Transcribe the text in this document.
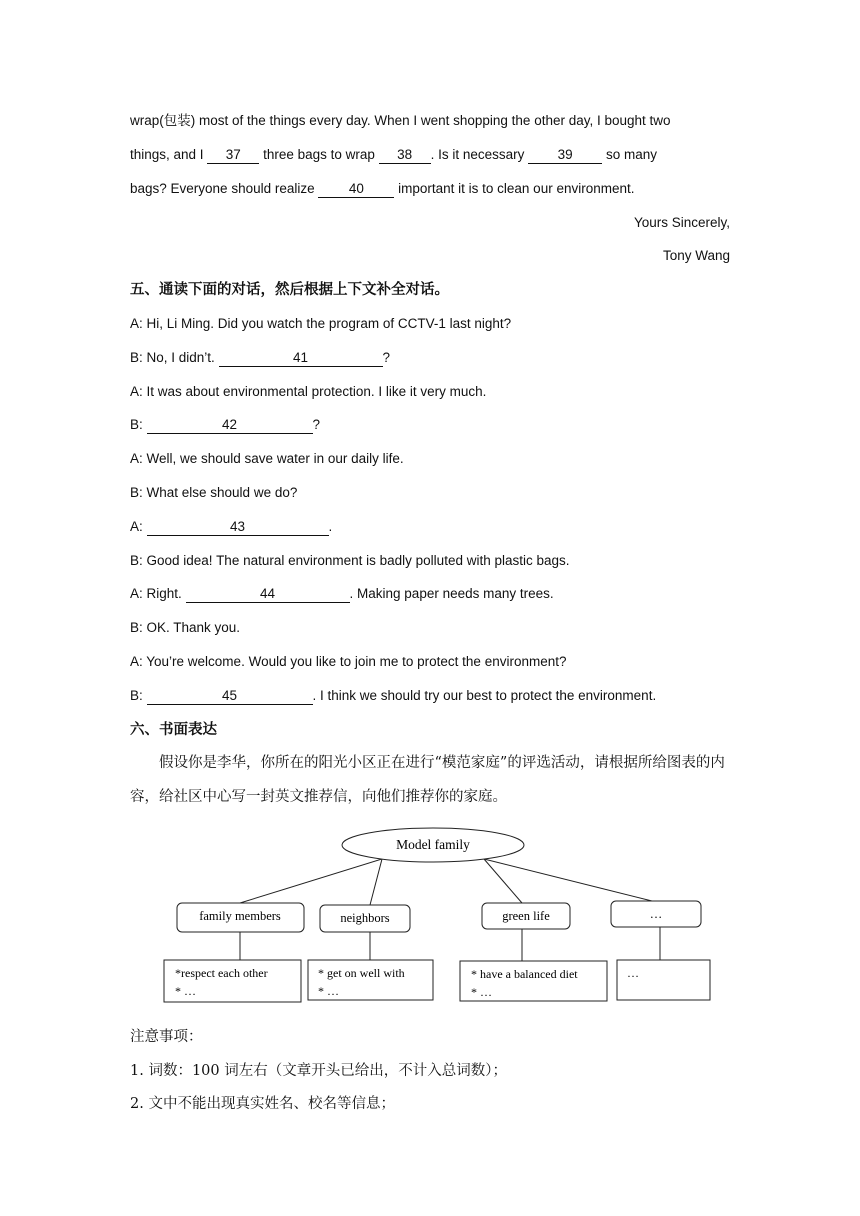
wrap(包装) most of the things every day. When I went shopping the other day, I bought two
things, and I 37 three bags to wrap 38 . Is it necessary 39 so many
bags? Everyone should realize 40 important it is to clean our environment.
Yours Sincerely,
Tony Wang
五、通读下面的对话，然后根据上下文补全对话。
A: Hi, Li Ming. Did you watch the program of CCTV-1 last night?
B: No, I didn’t.	41	?
A: It was about environmental protection. I like it very much.
B:	42	?
A: Well, we should save water in our daily life.
B: What else should we do?
A:	43	.
B: Good idea! The natural environment is badly polluted with plastic bags.
A: Right.	44	. Making paper needs many trees.
B: OK. Thank you.
A: You’re welcome. Would you like to join me to protect the environment?
B:	45	. I think we should try our best to protect the environment.
六、书面表达
假设你是李华，你所在的阳光小区正在进行“模范家庭”的评选活动，请根据所给图表的内容，给社区中心写一封英文推荐信，向他们推荐你的家庭。
Model family
family members	neighbors	green life	…
*respect each other
* …
* get on well with
* …
* have a balanced diet
* …
…
注意事项：
1. 词数：100 词左右（文章开头已给出，不计入总词数）；
2. 文中不能出现真实姓名、校名等信息；
